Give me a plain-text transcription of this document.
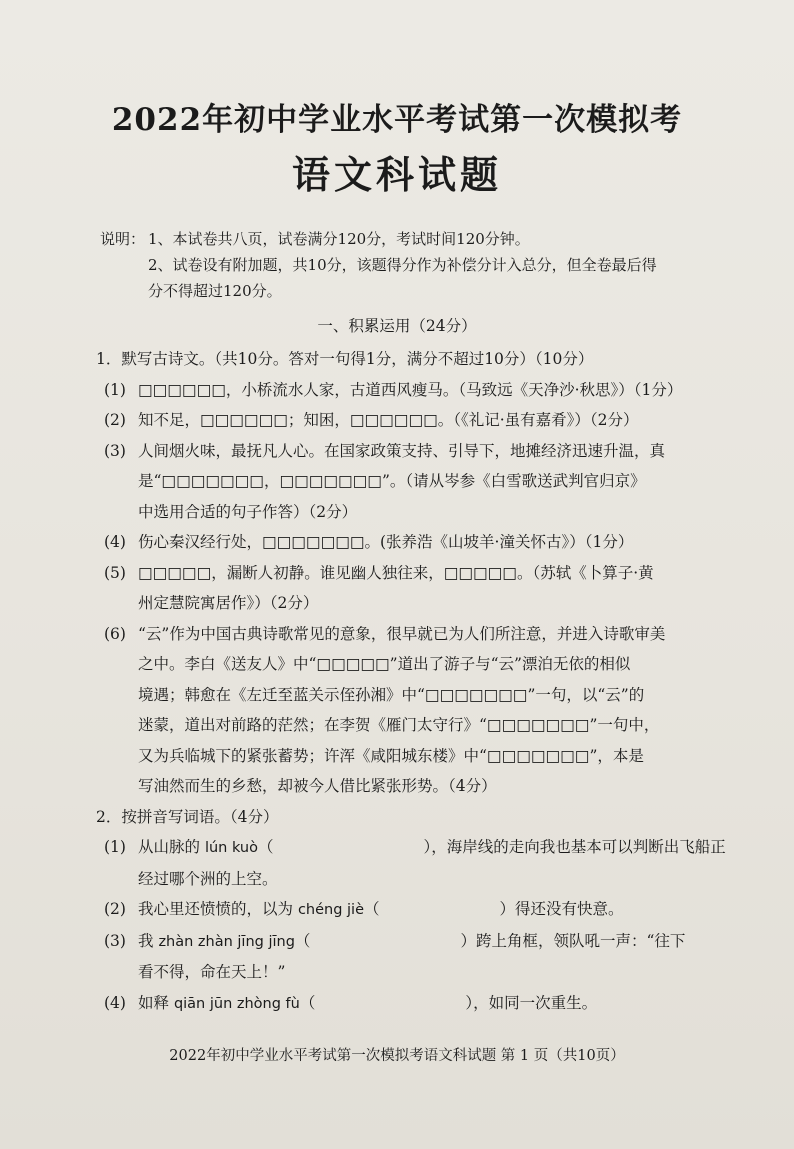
2022年初中学业水平考试第一次模拟考
语文科试题
说明： 1、本试卷共八页，试卷满分120分，考试时间120分钟。
2、试卷设有附加题，共10分，该题得分作为补偿分计入总分，但全卷最后得
分不得超过120分。
一、积累运用（24分）
1．默写古诗文。（共10分。答对一句得1分，满分不超过10分）（10分）
(1) □□□□□□，小桥流水人家，古道西风瘦马。（马致远《天净沙·秋思》）（1分）
(2) 知不足，□□□□□□；知困，□□□□□□。（《礼记·虽有嘉肴》）（2分）
(3) 人间烟火味，最抚凡人心。在国家政策支持、引导下，地摊经济迅速升温，真
是“□□□□□□□，□□□□□□□”。（请从岑参《白雪歌送武判官归京》
中选用合适的句子作答）（2分）
(4) 伤心秦汉经行处，□□□□□□□。(张养浩《山坡羊·潼关怀古》）（1分）
(5) □□□□□，漏断人初静。谁见幽人独往来，□□□□□。（苏轼《卜算子·黄
州定慧院寓居作》）（2分）
(6) “云”作为中国古典诗歌常见的意象，很早就已为人们所注意，并进入诗歌审美
之中。李白《送友人》中“□□□□□”道出了游子与“云”漂泊无依的相似
境遇；韩愈在《左迁至蓝关示侄孙湘》中“□□□□□□□”一句，以“云”的
迷蒙，道出对前路的茫然；在李贺《雁门太守行》“□□□□□□□”一句中，
又为兵临城下的紧张蓄势；许浑《咸阳城东楼》中“□□□□□□□”，本是
写油然而生的乡愁，却被今人借比紧张形势。（4分）
2．按拼音写词语。（4分）
(1) 从山脉的 lún kuò（	），海岸线的走向我也基本可以判断出飞船正
经过哪个洲的上空。
(2) 我心里还愤愤的，以为 chéng jiè（	）得还没有快意。
(3) 我 zhàn zhàn jīng jīng（	）跨上角框，领队吼一声：“往下
看不得，命在天上！”
(4) 如释 qiān jūn zhòng fù（	），如同一次重生。
2022年初中学业水平考试第一次模拟考语文科试题 第 1 页（共10页）
